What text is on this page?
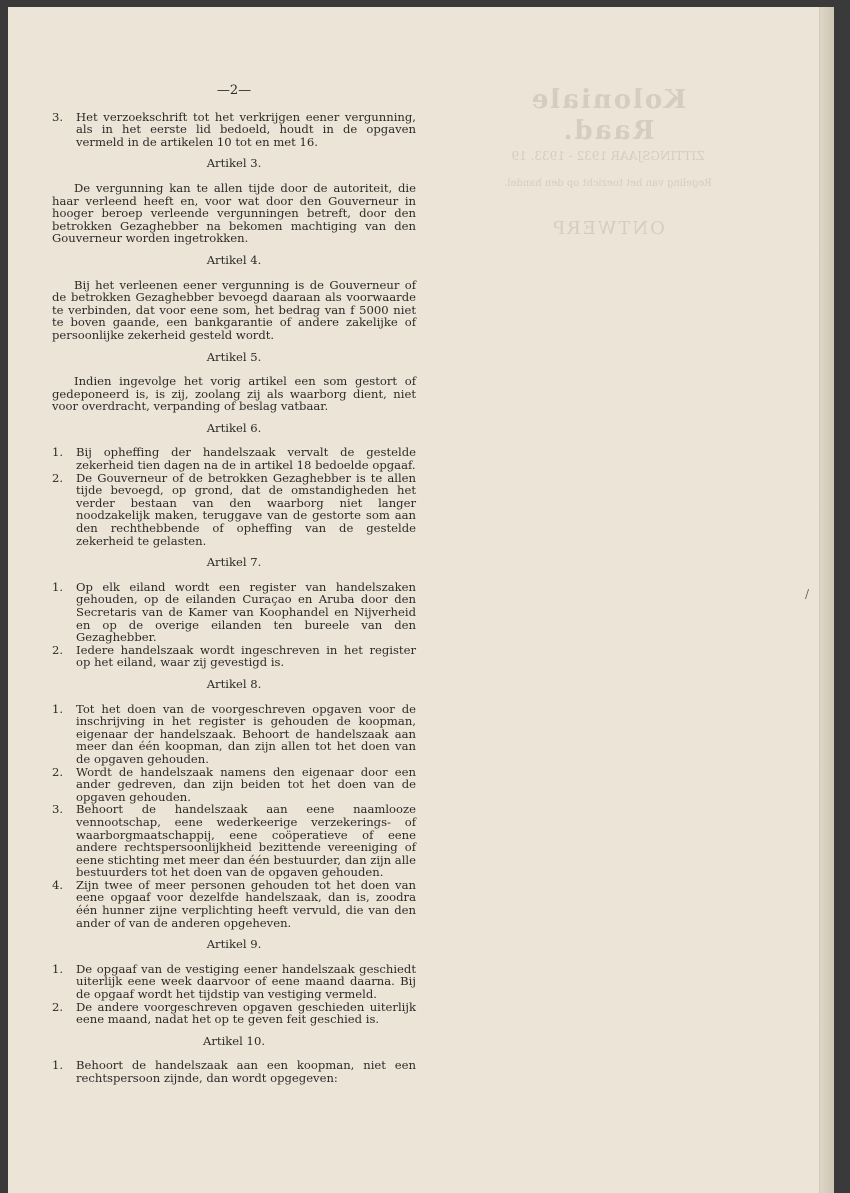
Koloniale Raad.
ZITTINGSJAAR 1932 - 1933. 19
Regeling van het toezicht op den handel.
ONTWERP
/
—2—
3.	Het verzoekschrift tot het verkrijgen eener vergunning, als in het eerste lid bedoeld, houdt in de opgaven vermeld in de artikelen 10 tot en met 16.
Artikel 3.
De vergunning kan te allen tijde door de autoriteit, die haar verleend heeft en, voor wat door den Gouverneur in hooger beroep verleende vergunningen betreft, door den betrokken Gezaghebber na bekomen machtiging van den Gouverneur worden ingetrokken.
Artikel 4.
Bij het verleenen eener vergunning is de Gouverneur of de betrokken Gezaghebber bevoegd daaraan als voorwaarde te verbinden, dat voor eene som, het bedrag van f 5000 niet te boven gaande, een bankgarantie of andere zakelijke of persoonlijke zekerheid gesteld wordt.
Artikel 5.
Indien ingevolge het vorig artikel een som gestort of gedeponeerd is, is zij, zoolang zij als waarborg dient, niet voor overdracht, verpanding of beslag vatbaar.
Artikel 6.
1.	Bij opheffing der handelszaak vervalt de gestelde zekerheid tien dagen na de in artikel 18 bedoelde opgaaf.
2.	De Gouverneur of de betrokken Gezaghebber is te allen tijde bevoegd, op grond, dat de omstandigheden het verder bestaan van den waarborg niet langer noodzakelijk maken, teruggave van de gestorte som aan den rechthebbende of opheffing van de gestelde zekerheid te gelasten.
Artikel 7.
1.	Op elk eiland wordt een register van handelszaken gehouden, op de eilanden Curaçao en Aruba door den Secretaris van de Kamer van Koophandel en Nijverheid en op de overige eilanden ten bureele van den Gezaghebber.
2.	Iedere handelszaak wordt ingeschreven in het register op het eiland, waar zij gevestigd is.
Artikel 8.
1.	Tot het doen van de voorgeschreven opgaven voor de inschrijving in het register is gehouden de koopman, eigenaar der handelszaak. Behoort de handelszaak aan meer dan één koopman, dan zijn allen tot het doen van de opgaven gehouden.
2.	Wordt de handelszaak namens den eigenaar door een ander gedreven, dan zijn beiden tot het doen van de opgaven gehouden.
3.	Behoort de handelszaak aan eene naamlooze vennootschap, eene wederkeerige verzekerings- of waarborgmaatschappij, eene coöperatieve of eene andere rechtspersoonlijkheid bezittende vereeniging of eene stichting met meer dan één bestuurder, dan zijn alle bestuurders tot het doen van de opgaven gehouden.
4.	Zijn twee of meer personen gehouden tot het doen van eene opgaaf voor dezelfde handelszaak, dan is, zoodra één hunner zijne verplichting heeft vervuld, die van den ander of van de anderen opgeheven.
Artikel 9.
1.	De opgaaf van de vestiging eener handelszaak geschiedt uiterlijk eene week daarvoor of eene maand daarna. Bij de opgaaf wordt het tijdstip van vestiging vermeld.
2.	De andere voorgeschreven opgaven geschieden uiterlijk eene maand, nadat het op te geven feit geschied is.
Artikel 10.
1.	Behoort de handelszaak aan een koopman, niet een rechtspersoon zijnde, dan wordt opgegeven:
